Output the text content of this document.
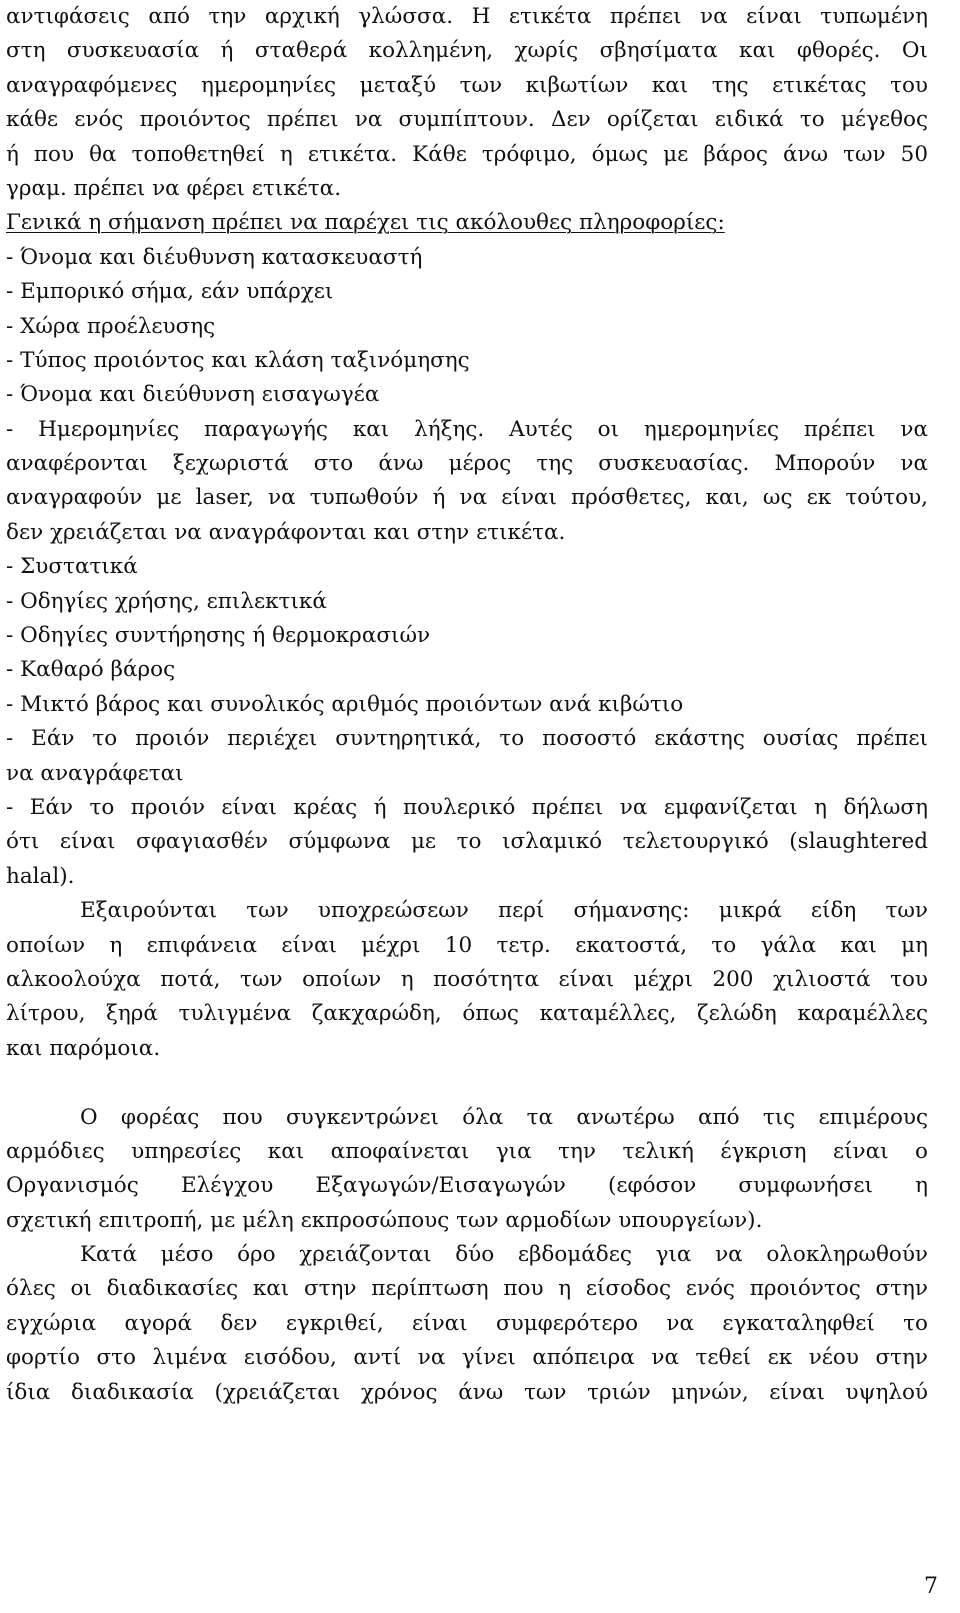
αντιφάσεις από την αρχική γλώσσα. Η ετικέτα πρέπει να είναι τυπωμένη
στη συσκευασία ή σταθερά κολλημένη, χωρίς σβησίματα και φθορές. Οι
αναγραφόμενες ημερομηνίες μεταξύ των κιβωτίων και της ετικέτας του
κάθε ενός προιόντος πρέπει να συμπίπτουν. Δεν ορίζεται ειδικά το μέγεθος
ή που θα τοποθετηθεί η ετικέτα. Κάθε τρόφιμο, όμως με βάρος άνω των 50
γραμ. πρέπει να φέρει ετικέτα.
Γενικά η σήμανση πρέπει να παρέχει τις ακόλουθες πληροφορίες:
- Όνομα και διέυθυνση κατασκευαστή
- Εμπορικό σήμα, εάν υπάρχει
- Χώρα προέλευσης
- Τύπος προιόντος και κλάση ταξινόμησης
- Όνομα και διεύθυνση εισαγωγέα
- Ημερομηνίες παραγωγής και λήξης. Αυτές οι ημερομηνίες πρέπει να
αναφέρονται ξεχωριστά στο άνω μέρος της συσκευασίας. Μπορούν να
αναγραφούν με laser, να τυπωθούν ή να είναι πρόσθετες, και, ως εκ τούτου,
δεν χρειάζεται να αναγράφονται και στην ετικέτα.
- Συστατικά
- Οδηγίες χρήσης, επιλεκτικά
- Οδηγίες συντήρησης ή θερμοκρασιών
- Καθαρό βάρος
- Μικτό βάρος και συνολικός αριθμός προιόντων ανά κιβώτιο
- Εάν το προιόν περιέχει συντηρητικά, το ποσοστό εκάστης ουσίας πρέπει
να αναγράφεται
- Εάν το προιόν είναι κρέας ή πουλερικό πρέπει να εμφανίζεται η δήλωση
ότι είναι σφαγιασθέν σύμφωνα με το ισλαμικό τελετουργικό (slaughtered
halal).
Εξαιρούνται των υποχρεώσεων περί σήμανσης: μικρά είδη των
οποίων η επιφάνεια είναι μέχρι 10 τετρ. εκατοστά, το γάλα και μη
αλκοολούχα ποτά, των οποίων η ποσότητα είναι μέχρι 200 χιλιοστά του
λίτρου, ξηρά τυλιγμένα ζακχαρώδη, όπως καταμέλλες, ζελώδη καραμέλλες
και παρόμοια.
Ο φορέας που συγκεντρώνει όλα τα ανωτέρω από τις επιμέρους
αρμόδιες υπηρεσίες και αποφαίνεται για την τελική έγκριση είναι ο
Οργανισμός Ελέγχου Εξαγωγών/Εισαγωγών (εφόσον συμφωνήσει η
σχετική επιτροπή, με μέλη εκπροσώπους των αρμοδίων υπουργείων).
Κατά μέσο όρο χρειάζονται δύο εβδομάδες για να ολοκληρωθούν
όλες οι διαδικασίες και στην περίπτωση που η είσοδος ενός προιόντος στην
εγχώρια αγορά δεν εγκριθεί, είναι συμφερότερο να εγκαταληφθεί το
φορτίο στο λιμένα εισόδου, αντί να γίνει απόπειρα να τεθεί εκ νέου στην
ίδια διαδικασία (χρειάζεται χρόνος άνω των τριών μηνών, είναι υψηλού
7
